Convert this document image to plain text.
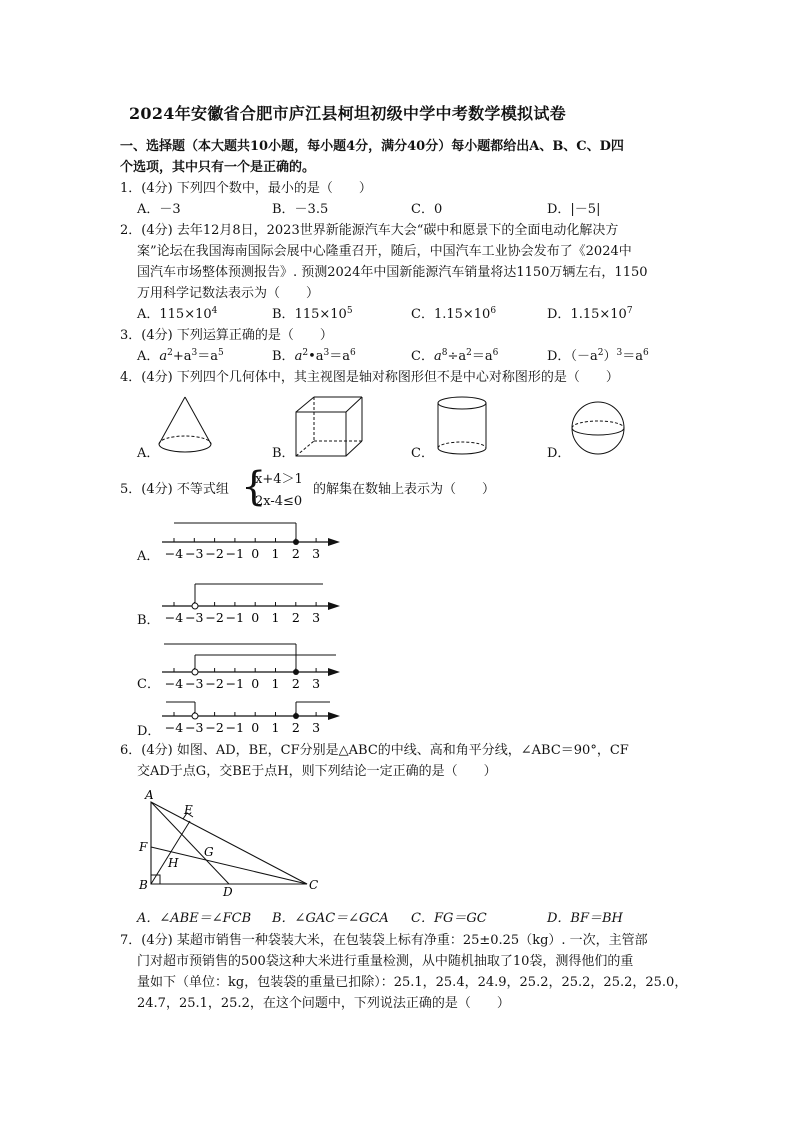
2024年安徽省合肥市庐江县柯坦初级中学中考数学模拟试卷
一、选择题（本大题共10小题，每小题4分，满分40分）每小题都给出A、B、C、D四
个选项，其中只有一个是正确的。
1．(4分) 下列四个数中，最小的是（　　）
A．－3	B．－3.5	C．0	D．|－5|
2．(4分) 去年12月8日，2023世界新能源汽车大会“碳中和愿景下的全面电动化解决方
案”论坛在我国海南国际会展中心隆重召开，随后，中国汽车工业协会发布了《2024中
国汽车市场整体预测报告》. 预测2024年中国新能源汽车销量将达1150万辆左右，1150
万用科学记数法表示为（　　）
A．$115\times 10^4$	B．$115\times 10^5$	C．$1.15\times 10^6$	D．$1.15\times 10^7$
3．(4分) 下列运算正确的是（　　）
A．$a^2+a^3=a^5$	B．$a^2•a^3=a^6$	C．$a^8\div a^2=a^6$	D．$(-a^2)^3=a^6$
4．(4分) 下列四个几何体中，其主视图是轴对称图形但不是中心对称图形的是（　　）
A．	B．	C．	D．
5．(4分) 不等式组 {
x+4＞1
2x-4≤0
的解集在数轴上表示为（　　）
A．
B．
C．
D．
−4 −3 −2 −1 0 1 2 3
−4 −3 −2 −1 0 1 2 3
−4 −3 −2 −1 0 1 2 3
−4 −3 −2 −1 0 1 2 3
6．(4分) 如图、AD，BE，CF分别是△ABC的中线、高和角平分线，∠ABC＝90°，CF
交AD于点G，交BE于点H，则下列结论一定正确的是（　　）
A
E
F
H
G
B	D	C
A．∠ABE＝∠FCB B．∠GAC＝∠GCA C．FG＝GC	D．BF＝BH
7．(4分) 某超市销售一种袋装大米，在包装袋上标有净重：25±0.25（kg）. 一次，主管部
门对超市预销售的500袋这种大米进行重量检测，从中随机抽取了10袋，测得他们的重
量如下（单位：kg，包装袋的重量已扣除）：25.1，25.4，24.9，25.2，25.2，25.2，25.0，
24.7，25.1，25.2，在这个问题中，下列说法正确的是（　　）
